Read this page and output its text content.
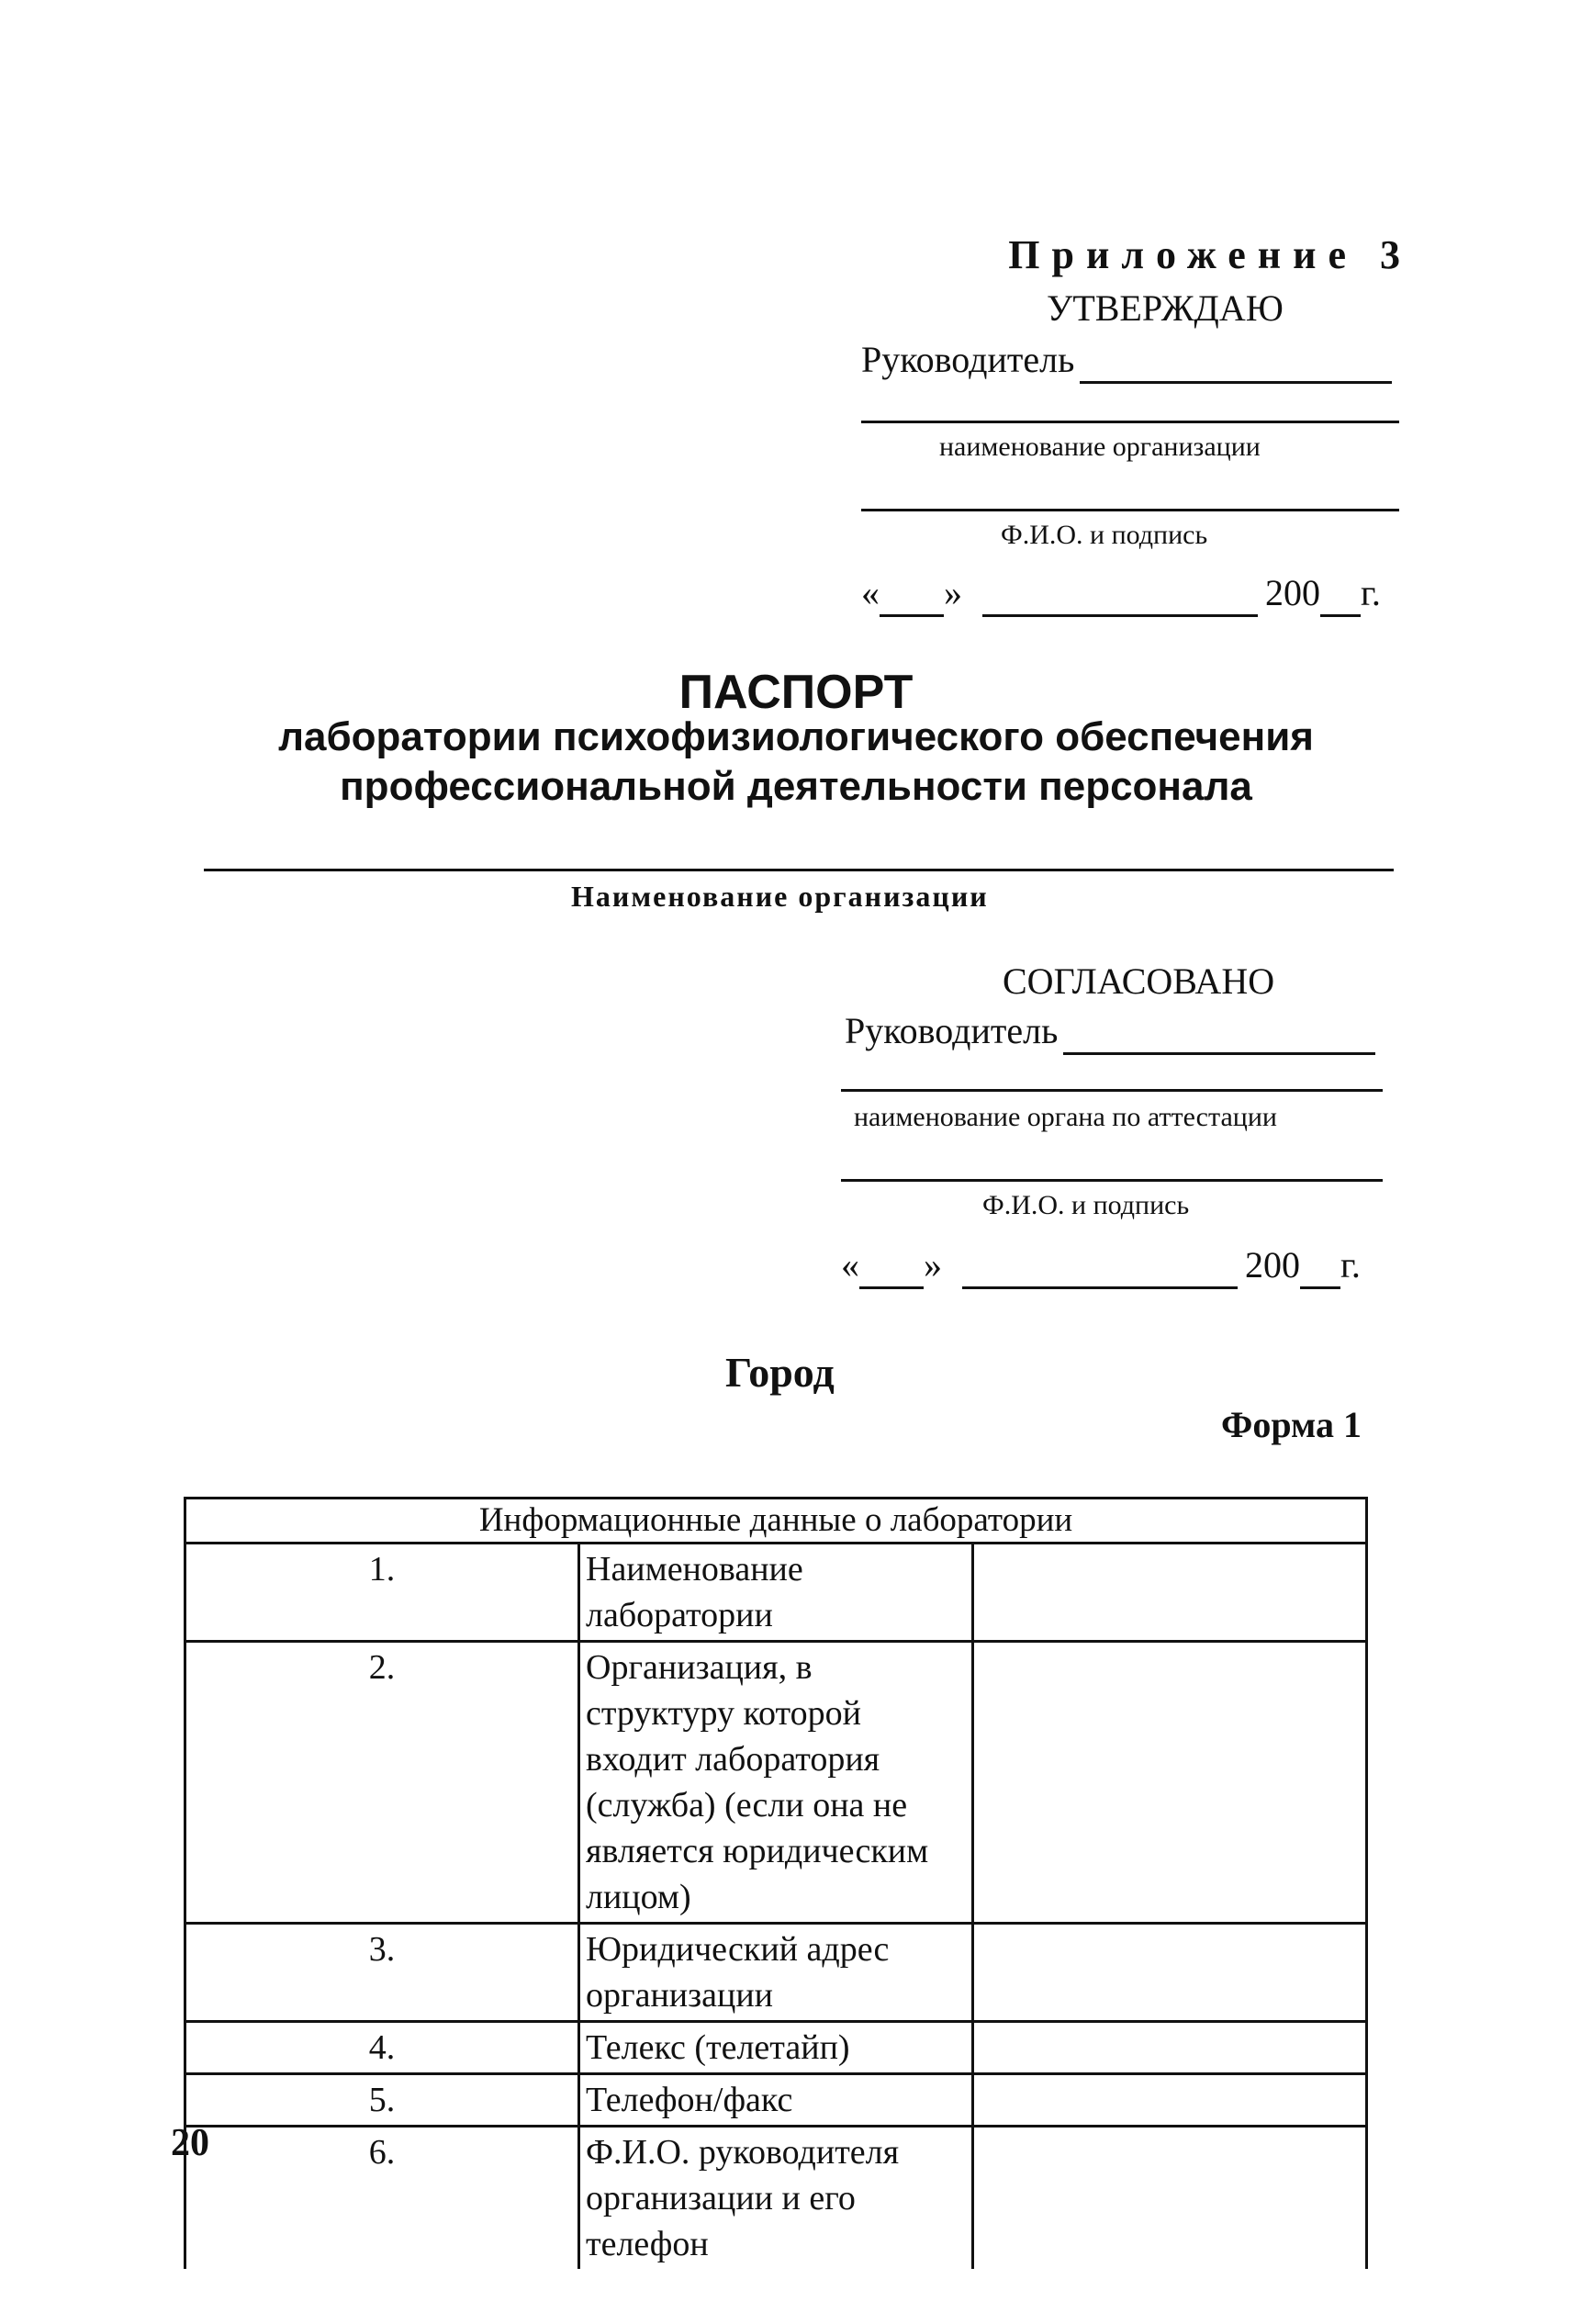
Приложение 3
УТВЕРЖДАЮ
Руководитель
наименование организации
Ф.И.О. и подпись
« »	200 г.
ПАСПОРТ
лаборатории психофизиологического обеспечения
профессиональной деятельности персонала
Наименование организации
СОГЛАСОВАНО
Руководитель
наименование органа по аттестации
Ф.И.О. и подпись
« »	200 г.
Город
Форма 1
Информационные данные о лаборатории		
1.	Наименование лаборатории	
2.	Организация, в структуру которой входит лаборатория (служба) (если она не является юридическим лицом)	
3.	Юридический адрес организации	
4.	Телекс (телетайп)	
5.	Телефон/факс	
6.	Ф.И.О. руководителя организации и его телефон	
20
